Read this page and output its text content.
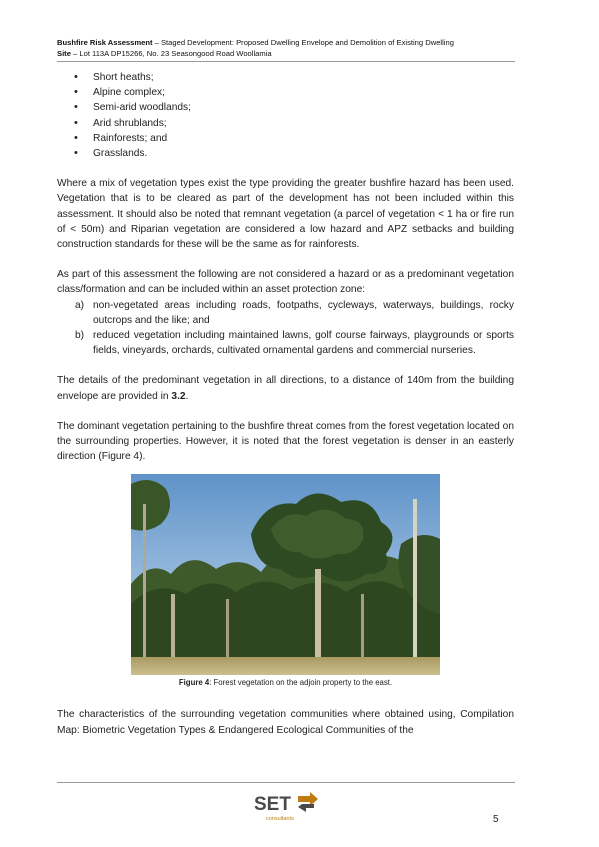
Bushfire Risk Assessment – Staged Development: Proposed Dwelling Envelope and Demolition of Existing Dwelling
Site – Lot 113A DP15266, No. 23 Seasongood Road Woollamia
• Short heaths;
• Alpine complex;
• Semi-arid woodlands;
• Arid shrublands;
• Rainforests; and
• Grasslands.

Where a mix of vegetation types exist the type providing the greater bushfire hazard has been used. Vegetation that is to be cleared as part of the development has not been included within this assessment. It should also be noted that remnant vegetation (a parcel of vegetation < 1 ha or fire run of < 50m) and Riparian vegetation are considered a low hazard and APZ setbacks and building construction standards for these will be the same as for rainforests.

As part of this assessment the following are not considered a hazard or as a predominant vegetation class/formation and can be included within an asset protection zone:

a) non-vegetated areas including roads, footpaths, cycleways, waterways, buildings, rocky outcrops and the like; and
b) reduced vegetation including maintained lawns, golf course fairways, playgrounds or sports fields, vineyards, orchards, cultivated ornamental gardens and commercial nurseries.

The details of the predominant vegetation in all directions, to a distance of 140m from the building envelope are provided in 3.2.

The dominant vegetation pertaining to the bushfire threat comes from the forest vegetation located on the surrounding properties. However, it is noted that the forest vegetation is denser in an easterly direction (Figure 4).

Figure 4: Forest vegetation on the adjoin property to the east.

The characteristics of the surrounding vegetation communities where obtained using, Compilation Map: Biometric Vegetation Types & Endangered Ecological Communities of the

SET
consultants	5
